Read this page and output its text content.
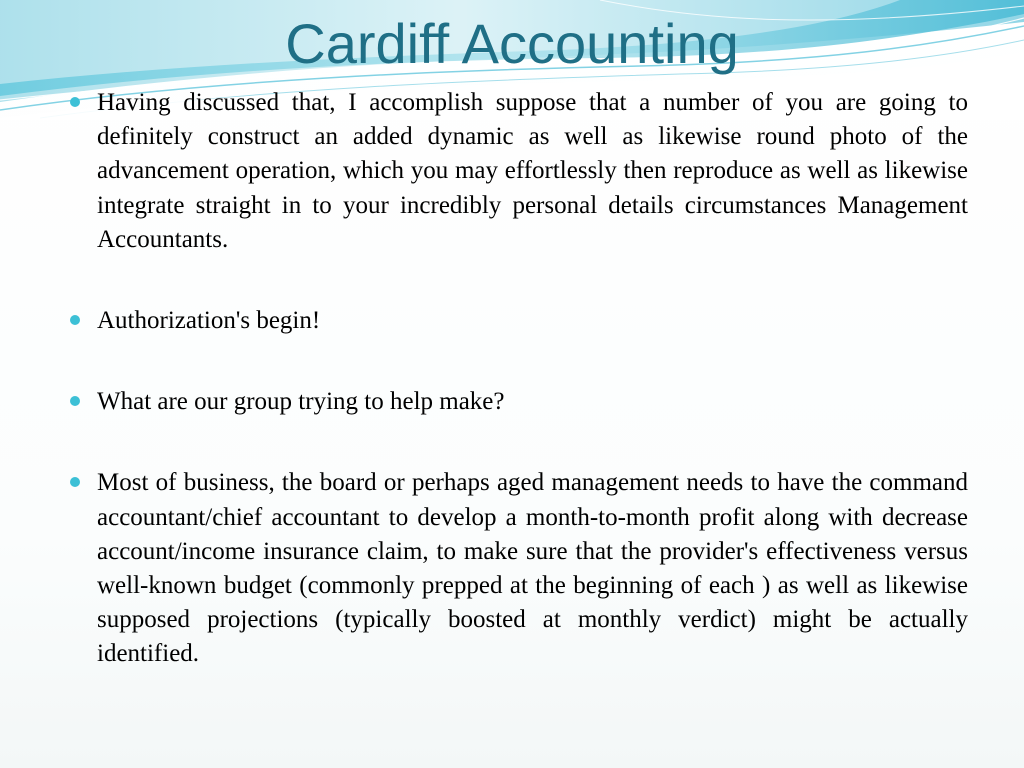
Cardiff Accounting
Having discussed that, I accomplish suppose that a number of you are going to definitely construct an added dynamic as well as likewise round photo of the advancement operation, which you may effortlessly then reproduce as well as likewise integrate straight in to your incredibly personal details circumstances Management Accountants.
Authorization's begin!
What are our group trying to help make?
Most of business, the board or perhaps aged management needs to have the command accountant/chief accountant to develop a month-to-month profit along with decrease account/income insurance claim, to make sure that the provider's effectiveness versus well-known budget (commonly prepped at the beginning of each ) as well as likewise supposed projections (typically boosted at monthly verdict) might be actually identified.
